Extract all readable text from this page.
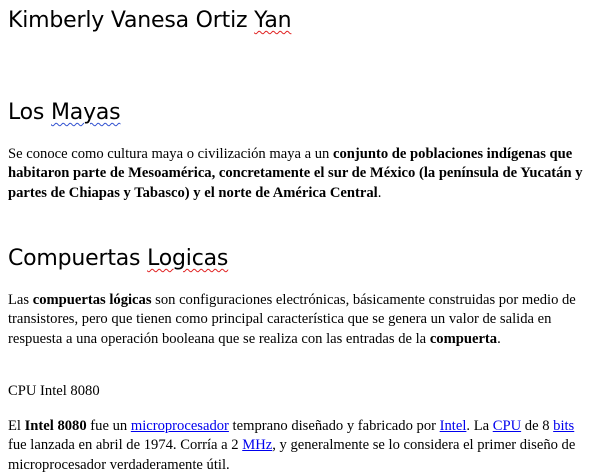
Kimberly Vanesa Ortiz Yan
Los Mayas

Se conoce como cultura maya o civilización maya a un conjunto de poblaciones indígenas que habitaron parte de Mesoamérica, concretamente el sur de México (la península de Yucatán y partes de Chiapas y Tabasco) y el norte de América Central.

Compuertas Logicas

Las compuertas lógicas son configuraciones electrónicas, básicamente construidas por medio de transistores, pero que tienen como principal característica que se genera un valor de salida en respuesta a una operación booleana que se realiza con las entradas de la compuerta.

CPU Intel 8080

El Intel 8080 fue un microprocesador temprano diseñado y fabricado por Intel. La CPU de 8 bits fue lanzada en abril de 1974. Corría a 2 MHz, y generalmente se lo considera el primer diseño de microprocesador verdaderamente útil.
